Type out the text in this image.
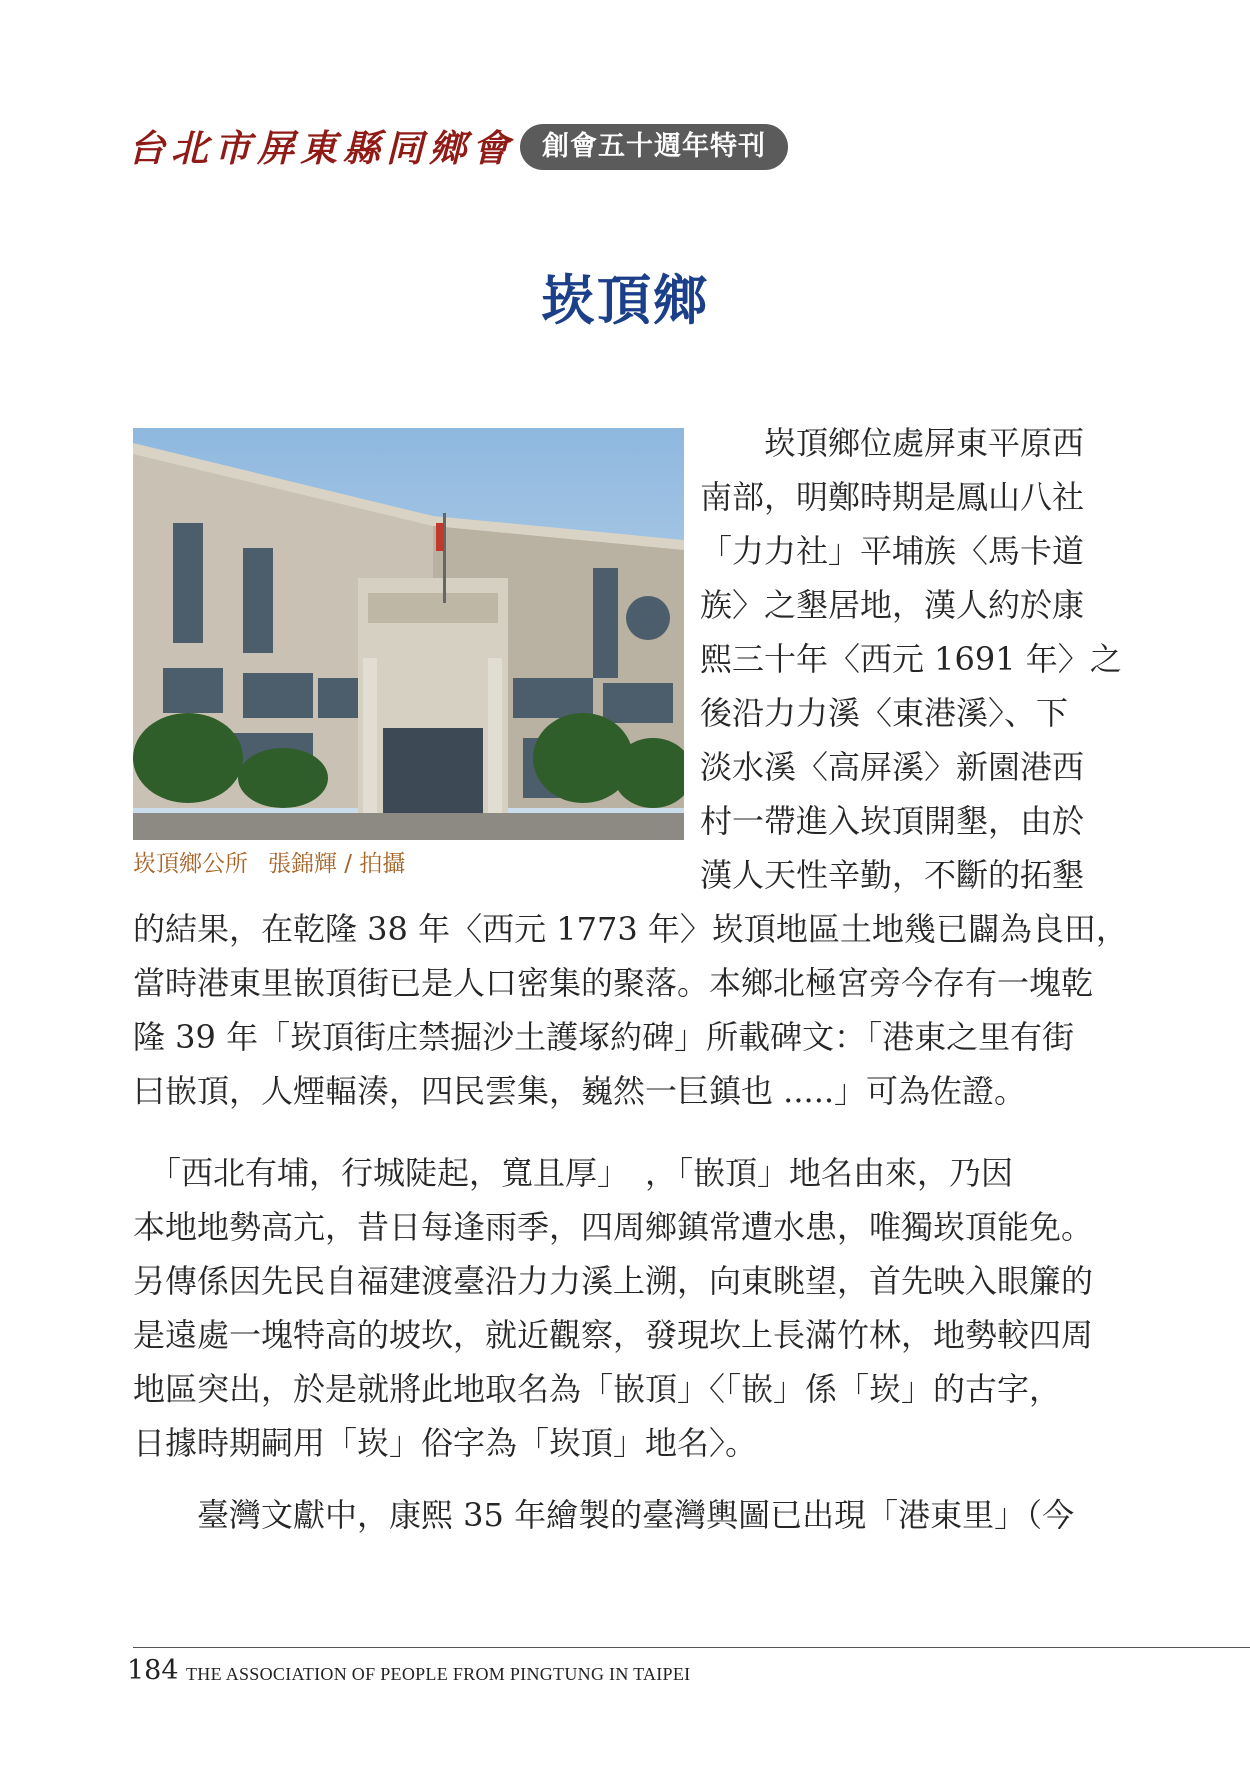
台北市屏東縣同鄉會	創會五十週年特刊
崁頂鄉
崁頂鄉公所 張錦輝 / 拍攝
　　崁頂鄉位處屏東平原西
南部，明鄭時期是鳳山八社
「力力社」平埔族〈馬卡道
族〉之墾居地，漢人約於康
熙三十年〈西元 1691 年〉之
後沿力力溪〈東港溪〉、下
淡水溪〈高屏溪〉新園港西
村一帶進入崁頂開墾，由於
漢人天性辛勤，不斷的拓墾
的結果，在乾隆 38 年〈西元 1773 年〉崁頂地區土地幾已闢為良田，
當時港東里嵌頂街已是人口密集的聚落。本鄉北極宮旁今存有一塊乾
隆 39 年「崁頂街庄禁掘沙土護塚約碑」所載碑文：「港東之里有街
曰嵌頂，人煙輻湊，四民雲集，巍然一巨鎮也 .....」可為佐證。
　「西北有埔，行城陡起，寬且厚」　，「嵌頂」地名由來，乃因
本地地勢高亢，昔日每逢雨季，四周鄉鎮常遭水患，唯獨崁頂能免。
另傳係因先民自福建渡臺沿力力溪上溯，向東眺望，首先映入眼簾的
是遠處一塊特高的坡坎，就近觀察，發現坎上長滿竹林，地勢較四周
地區突出，於是就將此地取名為「嵌頂」〈「嵌」係「崁」的古字，
日據時期嗣用「崁」俗字為「崁頂」地名〉。
　　臺灣文獻中，康熙 35 年繪製的臺灣輿圖已出現「港東里」（今
184 THE ASSOCIATION OF PEOPLE FROM PINGTUNG IN TAIPEI
